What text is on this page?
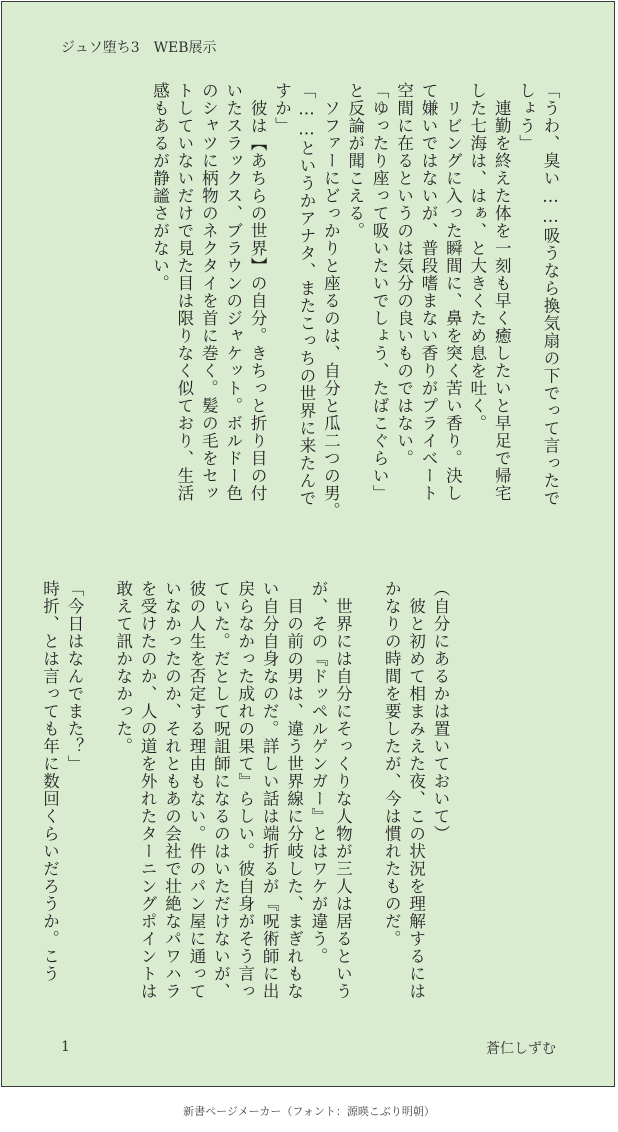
ジュソ堕ち3　WEB展示
「うわ、臭い……吸うなら換気扇の下でって言ったで
しょう」
　連勤を終えた体を一刻も早く癒したいと早足で帰宅
した七海は、はぁ、と大きくため息を吐く。
　リビングに入った瞬間に、鼻を突く苦い香り。決し
て嫌いではないが、普段嗜まない香りがプライベート
空間に在るというのは気分の良いものではない。
「ゆったり座って吸いたいでしょう、たばこぐらい」
と反論が聞こえる。
　ソファーにどっかりと座るのは、自分と瓜二つの男。
「……というかアナタ、またこっちの世界に来たんで
すか」
　彼は【あちらの世界】の自分。きちっと折り目の付
いたスラックス、ブラウンのジャケット。ボルドー色
のシャツに柄物のネクタイを首に巻く。髪の毛をセッ
トしていないだけで見た目は限りなく似ており、生活
感もあるが静謐さがない。
（自分にあるかは置いておいて）
　彼と初めて相まみえた夜、この状況を理解するには
かなりの時間を要したが、今は慣れたものだ。
　世界には自分にそっくりな人物が三人は居るという
が、その『ドッペルゲンガー』とはワケが違う。
　目の前の男は、違う世界線に分岐した、まぎれもな
い自分自身なのだ。詳しい話は端折るが『呪術師に出
戻らなかった成れの果て』らしい。彼自身がそう言っ
ていた。だとして呪詛師になるのはいただけないが、
彼の人生を否定する理由もない。件のパン屋に通って
いなかったのか、それともあの会社で壮絶なパワハラ
を受けたのか、人の道を外れたターニングポイントは
敢えて訊かなかった。
「今日はなんでまた？」
時折、とは言っても年に数回くらいだろうか。こう
1	蒼仁しずむ
新書ページメーカー（フォント：源暎こぶり明朝）
